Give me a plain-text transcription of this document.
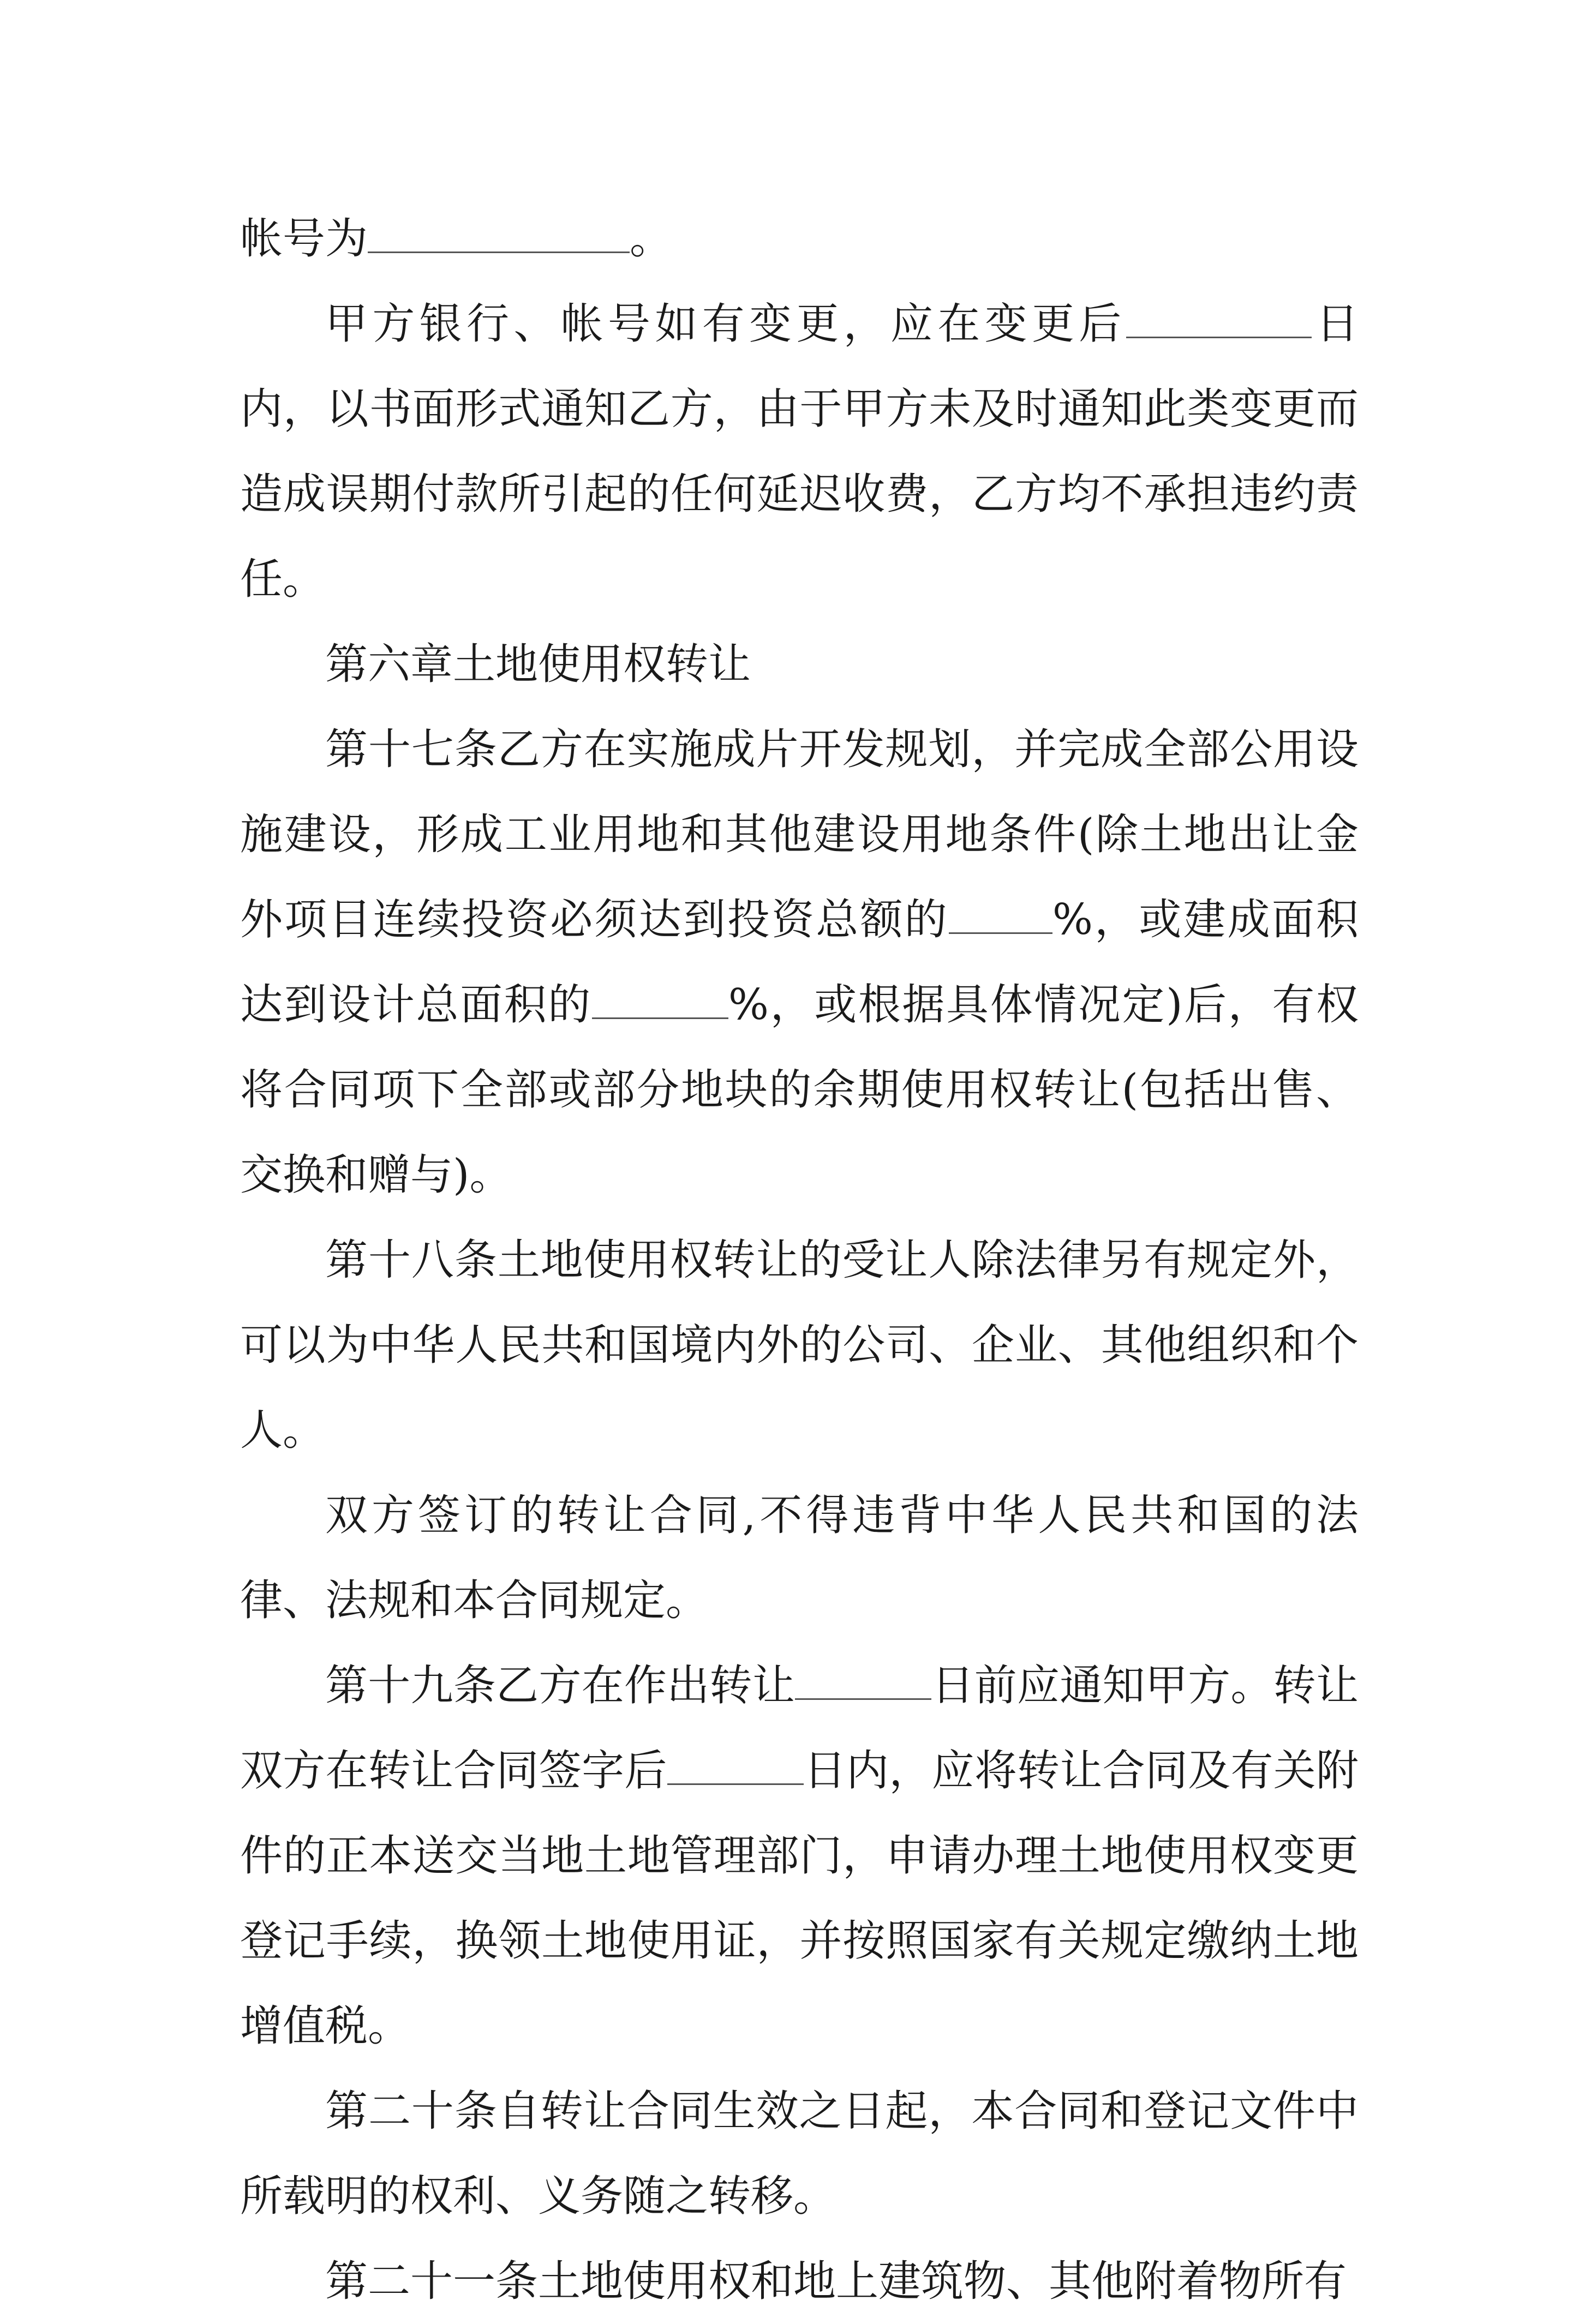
帐号为	。

甲方银行、帐号如有变更，应在变更后	日内，以书面形式通知乙方，由于甲方未及时通知此类变更而造成误期付款所引起的任何延迟收费，乙方均不承担违约责任。

第六章土地使用权转让

第十七条乙方在实施成片开发规划，并完成全部公用设施建设，形成工业用地和其他建设用地条件(除土地出让金外项目连续投资必须达到投资总额的 %，或建成面积达到设计总面积的	%，或根据具体情况定)后，有权将合同项下全部或部分地块的余期使用权转让(包括出售、交换和赠与)。

第十八条土地使用权转让的受让人除法律另有规定外，可以为中华人民共和国境内外的公司、企业、其他组织和个人。

双方签订的转让合同,不得违背中华人民共和国的法律、法规和本合同规定。

第十九条乙方在作出转让	日前应通知甲方。转让双方在转让合同签字后	日内，应将转让合同及有关附件的正本送交当地土地管理部门，申请办理土地使用权变更登记手续，换领土地使用证，并按照国家有关规定缴纳土地增值税。

第二十条自转让合同生效之日起，本合同和登记文件中所载明的权利、义务随之转移。

第二十一条土地使用权和地上建筑物、其他附着物所有
